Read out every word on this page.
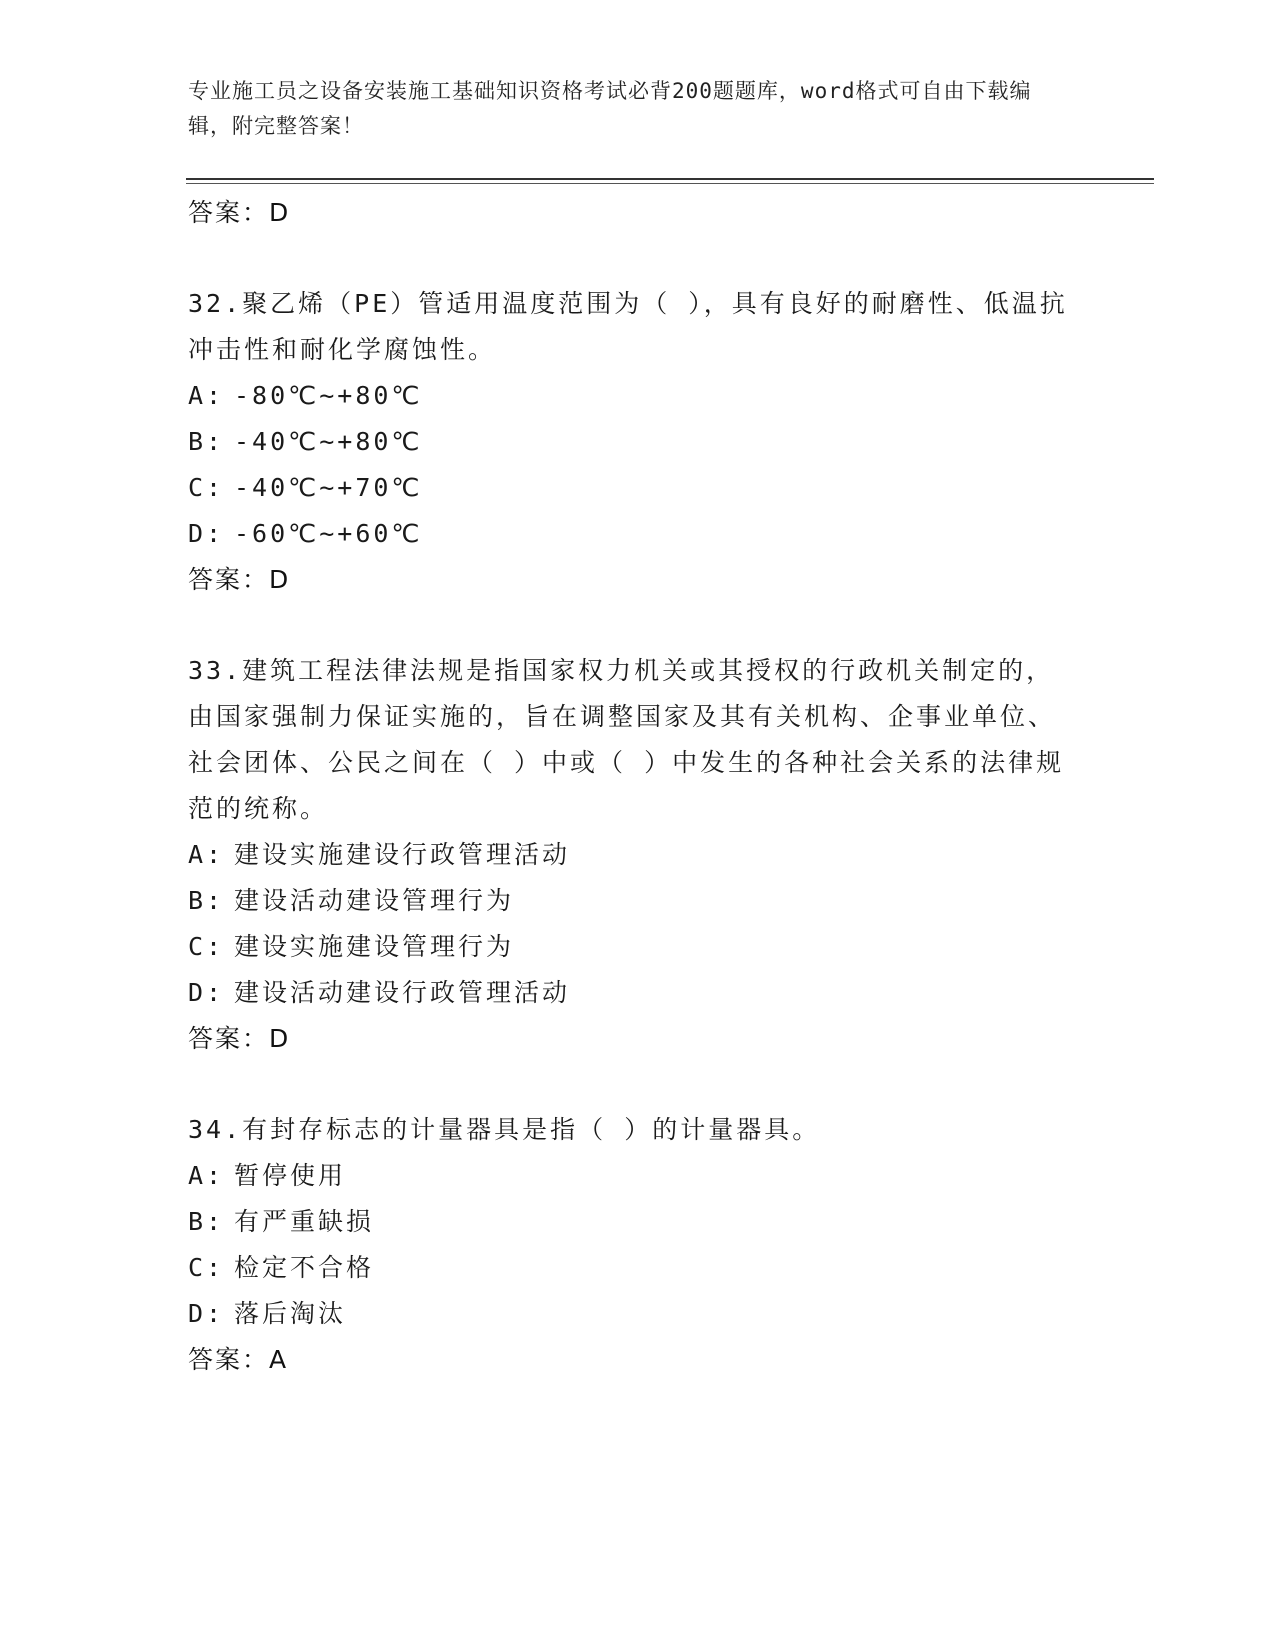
专业施工员之设备安装施工基础知识资格考试必背200题题库，word格式可自由下载编辑，附完整答案！
答案：D

32.聚乙烯（PE）管适用温度范围为（ ），具有良好的耐磨性、低温抗冲击性和耐化学腐蚀性。

A: -80℃~+80℃
B: -40℃~+80℃
C: -40℃~+70℃
D: -60℃~+60℃
答案：D

33.建筑工程法律法规是指国家权力机关或其授权的行政机关制定的，由国家强制力保证实施的，旨在调整国家及其有关机构、企事业单位、社会团体、公民之间在（ ）中或（ ）中发生的各种社会关系的法律规范的统称。

A: 建设实施建设行政管理活动
B: 建设活动建设管理行为
C: 建设实施建设管理行为
D: 建设活动建设行政管理活动
答案：D

34.有封存标志的计量器具是指（ ）的计量器具。

A: 暂停使用
B: 有严重缺损
C: 检定不合格
D: 落后淘汰
答案：A
